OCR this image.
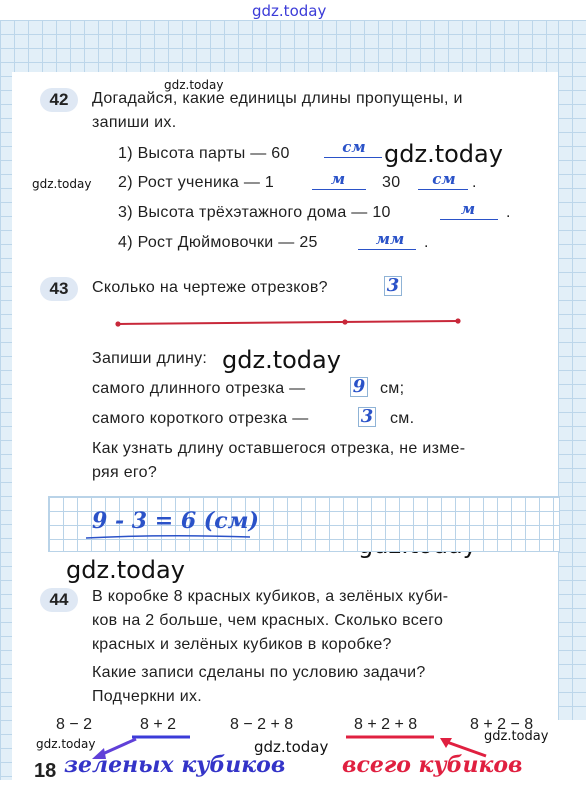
gdz.today
gdz.today
gdz.today
gdz.today
gdz.today
gdz.today
gdz.today	gdz.today
gdz.today
42	Догадайся, какие единицы длины пропущены, и
запиши их.
1) Высота парты — 60	см
2) Рост ученика — 1	м	30	см	.
3) Высота трёхэтажного дома — 10	м	.
4) Рост Дюймовочки — 25	мм	.
43	Сколько на чертеже отрезков?	3
Запиши длину:
самого длинного отрезка —	9 см;
самого короткого отрезка —	3 см.
Как узнать длину оставшегося отрезка, не изме-
ряя его?
9 - 3 = 6 (см)
44	В коробке 8 красных кубиков, а зелёных куби-
ков на 2 больше, чем красных. Сколько всего
красных и зелёных кубиков в коробке?
Какие записи сделаны по условию задачи?
Подчеркни их.
8 − 2	8 + 2	8 − 2 + 8	8 + 2 + 8	8 + 2 − 8
зеленых кубиков	всего кубиков
18
